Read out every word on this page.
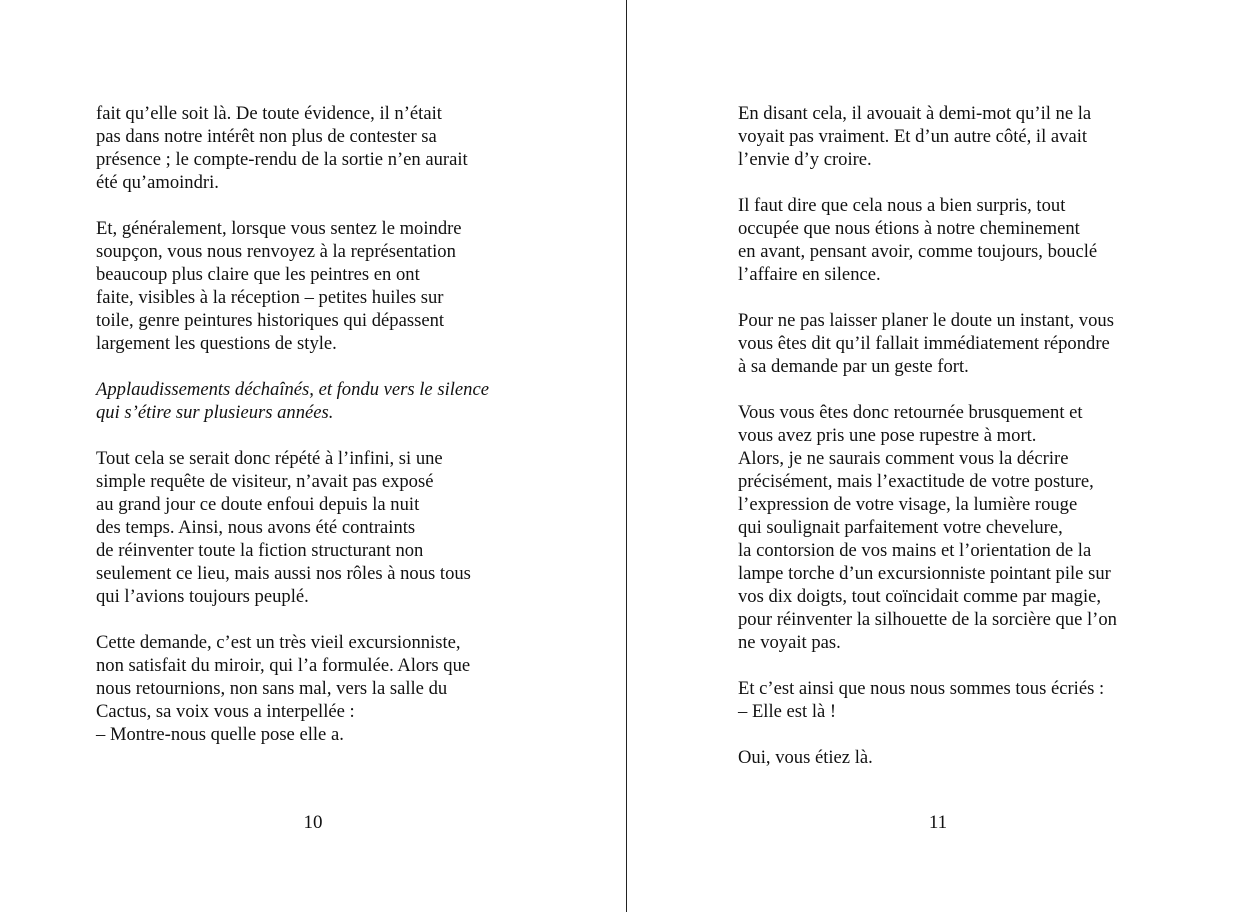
fait qu’elle soit là. De toute évidence, il n’était
pas dans notre intérêt non plus de contester sa
présence ; le compte-rendu de la sortie n’en aurait
été qu’amoindri.

Et, généralement, lorsque vous sentez le moindre
soupçon, vous nous renvoyez à la représentation
beaucoup plus claire que les peintres en ont
faite, visibles à la réception – petites huiles sur
toile, genre peintures historiques qui dépassent
largement les questions de style.

Applaudissements déchaînés, et fondu vers le silence
qui s’étire sur plusieurs années.

Tout cela se serait donc répété à l’infini, si une
simple requête de visiteur, n’avait pas exposé
au grand jour ce doute enfoui depuis la nuit
des temps. Ainsi, nous avons été contraints
de réinventer toute la fiction structurant non
seulement ce lieu, mais aussi nos rôles à nous tous
qui l’avions toujours peuplé.

Cette demande, c’est un très vieil excursionniste,
non satisfait du miroir, qui l’a formulée. Alors que
nous retournions, non sans mal, vers la salle du
Cactus, sa voix vous a interpellée :
– Montre-nous quelle pose elle a.

10

En disant cela, il avouait à demi-mot qu’il ne la
voyait pas vraiment. Et d’un autre côté, il avait
l’envie d’y croire.

Il faut dire que cela nous a bien surpris, tout
occupée que nous étions à notre cheminement
en avant, pensant avoir, comme toujours, bouclé
l’affaire en silence.

Pour ne pas laisser planer le doute un instant, vous
vous êtes dit qu’il fallait immédiatement répondre
à sa demande par un geste fort.

Vous vous êtes donc retournée brusquement et
vous avez pris une pose rupestre à mort.
Alors, je ne saurais comment vous la décrire
précisément, mais l’exactitude de votre posture,
l’expression de votre visage, la lumière rouge
qui soulignait parfaitement votre chevelure,
la contorsion de vos mains et l’orientation de la
lampe torche d’un excursionniste pointant pile sur
vos dix doigts, tout coïncidait comme par magie,
pour réinventer la silhouette de la sorcière que l’on
ne voyait pas.

Et c’est ainsi que nous nous sommes tous écriés :
– Elle est là !

Oui, vous étiez là.

11
